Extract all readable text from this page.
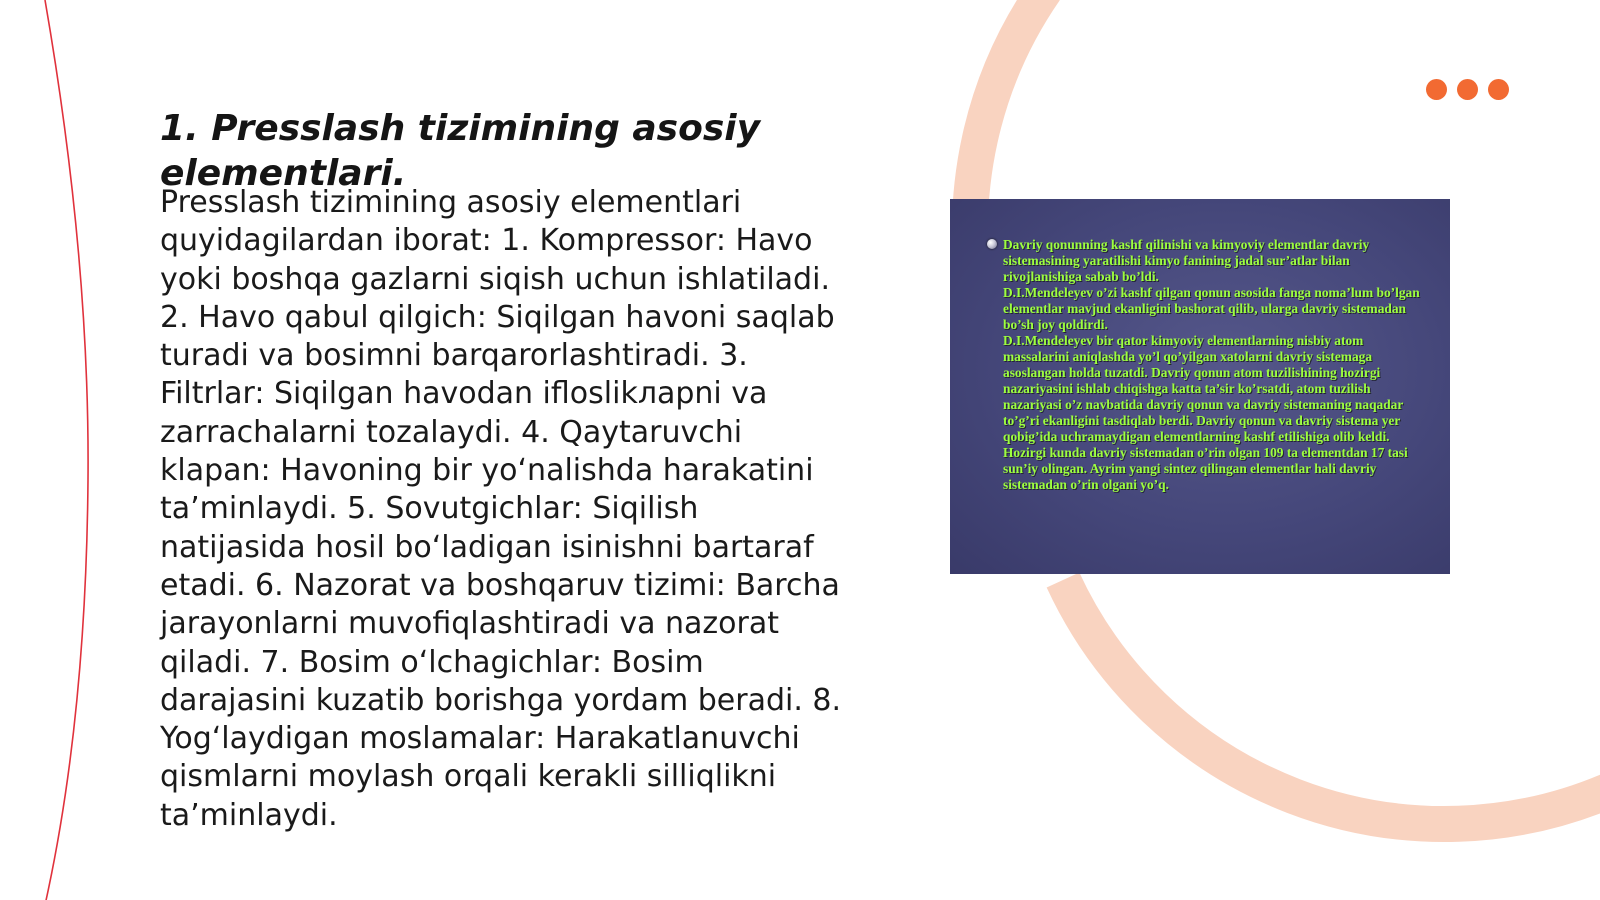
1. Presslash tizimining asosiy elementlari.

Presslash tizimining asosiy elementlari quyidagilardan iborat: 1. Kompressor: Havo yoki boshqa gazlarni siqish uchun ishlatiladi. 2. Havo qabul qilgich: Siqilgan havoni saqlab turadi va bosimni barqarorlashtiradi. 3. Filtrlar: Siqilgan havodan ifloslikларni va zarrachalarni tozalaydi. 4. Qaytaruvchi klapan: Havoning bir yo‘nalishda harakatini ta’minlaydi. 5. Sovutgichlar: Siqilish natijasida hosil bo‘ladigan isinishni bartaraf etadi. 6. Nazorat va boshqaruv tizimi: Barcha jarayonlarni muvofiqlashtiradi va nazorat qiladi. 7. Bosim o‘lchagichlar: Bosim darajasini kuzatib borishga yordam beradi. 8. Yog‘laydigan moslamalar: Harakatlanuvchi qismlarni moylash orqali kerakli silliqlikni ta’minlaydi.

Davriy qonunning kashf qilinishi va kimyoviy elementlar davriy sistemasining yaratilishi kimyo fanining jadal sur’atlar bilan rivojlanishiga sabab bo’ldi.
D.I.Mendeleyev o’zi kashf qilgan qonun asosida fanga noma’lum bo’lgan elementlar mavjud ekanligini bashorat qilib, ularga davriy sistemadan bo’sh joy qoldirdi.
D.I.Mendeleyev bir qator kimyoviy elementlarning nisbiy atom massalarini aniqlashda yo’l qo’yilgan xatolarni davriy sistemaga asoslangan holda tuzatdi. Davriy qonun atom tuzilishining hozirgi nazariyasini ishlab chiqishga katta ta’sir ko’rsatdi, atom tuzilish nazariyasi o’z navbatida davriy qonun va davriy sistemaning naqadar to’g’ri ekanligini tasdiqlab berdi. Davriy qonun va davriy sistema yer qobig’ida uchramaydigan elementlarning kashf etilishiga olib keldi. Hozirgi kunda davriy sistemadan o’rin olgan 109 ta elementdan 17 tasi sun’iy olingan. Ayrim yangi sintez qilingan elementlar hali davriy sistemadan o’rin olgani yo’q.
